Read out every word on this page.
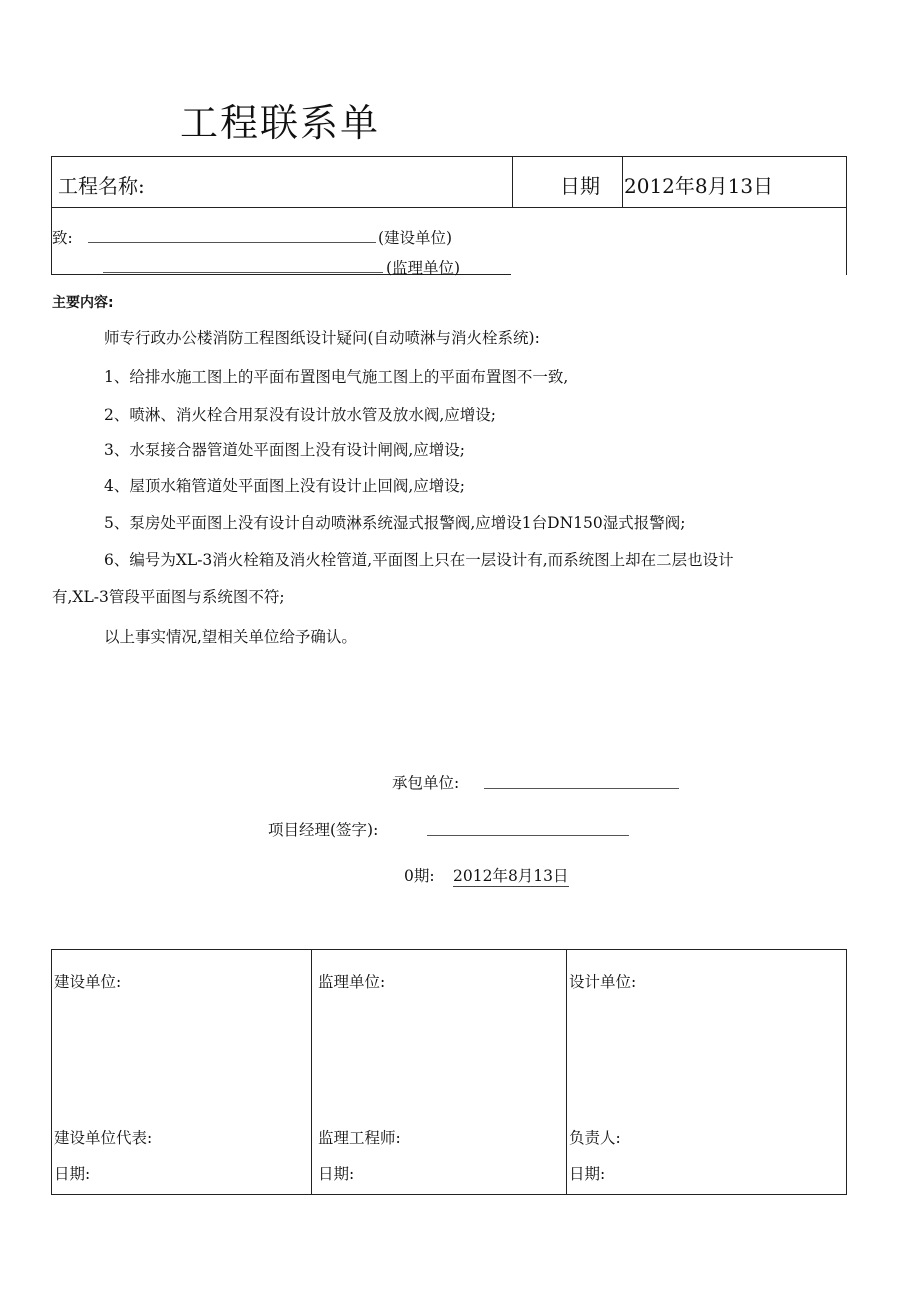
工程联系单
工程名称:	日期 2012年8月13日
致:	(建设单位)
(监理单位)
主要内容:
师专行政办公楼消防工程图纸设计疑问(自动喷淋与消火栓系统):
1、给排水施工图上的平面布置图电气施工图上的平面布置图不一致,
2、喷淋、消火栓合用泵没有设计放水管及放水阀,应增设;
3、水泵接合器管道处平面图上没有设计闸阀,应增设;
4、屋顶水箱管道处平面图上没有设计止回阀,应增设;
5、泵房处平面图上没有设计自动喷淋系统湿式报警阀,应增设1台DN150湿式报警阀;
6、编号为XL-3消火栓箱及消火栓管道,平面图上只在一层设计有,而系统图上却在二层也设计
有,XL-3管段平面图与系统图不符;
以上事实情况,望相关单位给予确认。
承包单位:
项目经理(签字):
0期: 2012年8月13日
建设单位:
建设单位代表:
日期:
监理单位:
监理工程师:
日期:
设计单位:
负责人:
日期:
